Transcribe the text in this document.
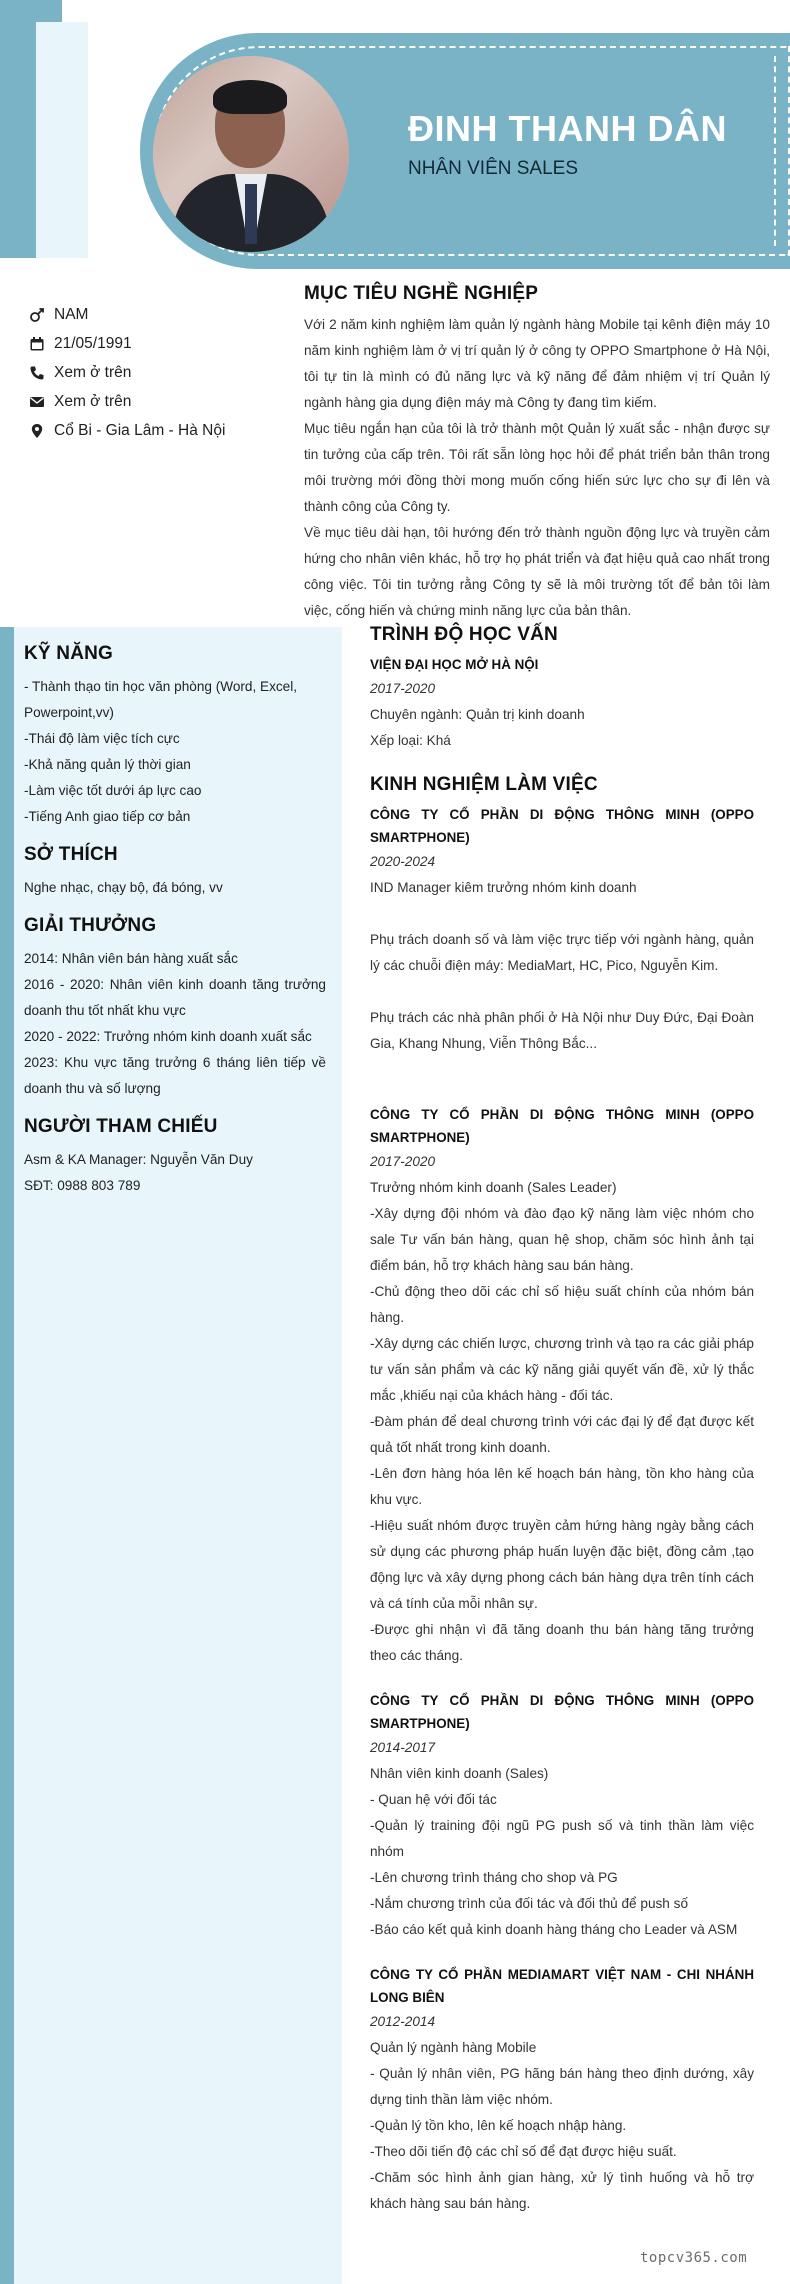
ĐINH THANH DÂN
NHÂN VIÊN SALES
NAM
21/05/1991
Xem ở trên
Xem ở trên
Cổ Bi - Gia Lâm - Hà Nội
MỤC TIÊU NGHỀ NGHIỆP

Với 2 năm kinh nghiệm làm quản lý ngành hàng Mobile tại kênh điện máy 10 năm kinh nghiệm làm ở vị trí quản lý ở công ty OPPO Smartphone ở Hà Nội, tôi tự tin là mình có đủ năng lực và kỹ năng để đảm nhiệm vị trí Quản lý ngành hàng gia dụng điện máy mà Công ty đang tìm kiếm.

Mục tiêu ngắn hạn của tôi là trở thành một Quản lý xuất sắc - nhận được sự tin tưởng của cấp trên. Tôi rất sẵn lòng học hỏi để phát triển bản thân trong môi trường mới đồng thời mong muốn cống hiến sức lực cho sự đi lên và thành công của Công ty.

Về mục tiêu dài hạn, tôi hướng đến trở thành nguồn động lực và truyền cảm hứng cho nhân viên khác, hỗ trợ họ phát triển và đạt hiệu quả cao nhất trong công việc. Tôi tin tưởng rằng Công ty sẽ là môi trường tốt để bản tôi làm việc, cống hiến và chứng minh năng lực của bản thân.

KỸ NĂNG
- Thành thạo tin học văn phòng (Word, Excel, Powerpoint,vv)
-Thái độ làm việc tích cực
-Khả năng quản lý thời gian
-Làm việc tốt dưới áp lực cao
-Tiếng Anh giao tiếp cơ bản
SỞ THÍCH
Nghe nhạc, chạy bộ, đá bóng, vv
GIẢI THƯỞNG
2014: Nhân viên bán hàng xuất sắc
2016 - 2020: Nhân viên kinh doanh tăng trưởng doanh thu tốt nhất khu vực
2020 - 2022: Trưởng nhóm kinh doanh xuất sắc
2023: Khu vực tăng trưởng 6 tháng liên tiếp về doanh thu và số lượng
NGƯỜI THAM CHIẾU
Asm & KA Manager: Nguyễn Văn Duy
SĐT: 0988 803 789
TRÌNH ĐỘ HỌC VẤN
VIỆN ĐẠI HỌC MỞ HÀ NỘI
2017-2020
Chuyên ngành: Quản trị kinh doanh
Xếp loại: Khá
KINH NGHIỆM LÀM VIỆC
CÔNG TY CỔ PHẦN DI ĐỘNG THÔNG MINH (OPPO SMARTPHONE)
2020-2024
IND Manager kiêm trưởng nhóm kinh doanh
Phụ trách doanh số và làm việc trực tiếp với ngành hàng, quản lý các chuỗi điện máy: MediaMart, HC, Pico, Nguyễn Kim.
Phụ trách các nhà phân phối ở Hà Nội như Duy Đức, Đại Đoàn Gia, Khang Nhung, Viễn Thông Bắc...
CÔNG TY CỔ PHẦN DI ĐỘNG THÔNG MINH (OPPO SMARTPHONE)
2017-2020
Trưởng nhóm kinh doanh (Sales Leader)
-Xây dựng đội nhóm và đào đạo kỹ năng làm việc nhóm cho sale Tư vấn bán hàng, quan hệ shop, chăm sóc hình ảnh tại điểm bán, hỗ trợ khách hàng sau bán hàng.
-Chủ động theo dõi các chỉ số hiệu suất chính của nhóm bán hàng.
-Xây dựng các chiến lược, chương trình và tạo ra các giải pháp tư vấn sản phẩm và các kỹ năng giải quyết vấn đề, xử lý thắc mắc ,khiếu nại của khách hàng - đối tác.
-Đàm phán để deal chương trình với các đại lý để đạt được kết quả tốt nhất trong kinh doanh.
-Lên đơn hàng hóa lên kế hoạch bán hàng, tồn kho hàng của khu vực.
-Hiệu suất nhóm được truyền cảm hứng hàng ngày bằng cách sử dụng các phương pháp huấn luyện đặc biệt, đồng cảm ,tạo động lực và xây dựng phong cách bán hàng dựa trên tính cách và cá tính của mỗi nhân sự.
-Được ghi nhận vì đã tăng doanh thu bán hàng tăng trưởng theo các tháng.
CÔNG TY CỔ PHẦN DI ĐỘNG THÔNG MINH (OPPO SMARTPHONE)
2014-2017
Nhân viên kinh doanh (Sales)
- Quan hệ với đối tác
-Quản lý training đội ngũ PG push số và tinh thần làm việc nhóm
-Lên chương trình tháng cho shop và PG
-Nắm chương trình của đối tác và đối thủ để push số
-Báo cáo kết quả kinh doanh hàng tháng cho Leader và ASM
CÔNG TY CỔ PHẦN MEDIAMART VIỆT NAM - CHI NHÁNH LONG BIÊN
2012-2014
Quản lý ngành hàng Mobile
- Quản lý nhân viên, PG hãng bán hàng theo định dướng, xây dựng tinh thần làm việc nhóm.
-Quản lý tồn kho, lên kế hoạch nhập hàng.
-Theo dõi tiến độ các chỉ số để đạt được hiệu suất.
-Chăm sóc hình ảnh gian hàng, xử lý tình huống và hỗ trợ khách hàng sau bán hàng.
topcv365.com
